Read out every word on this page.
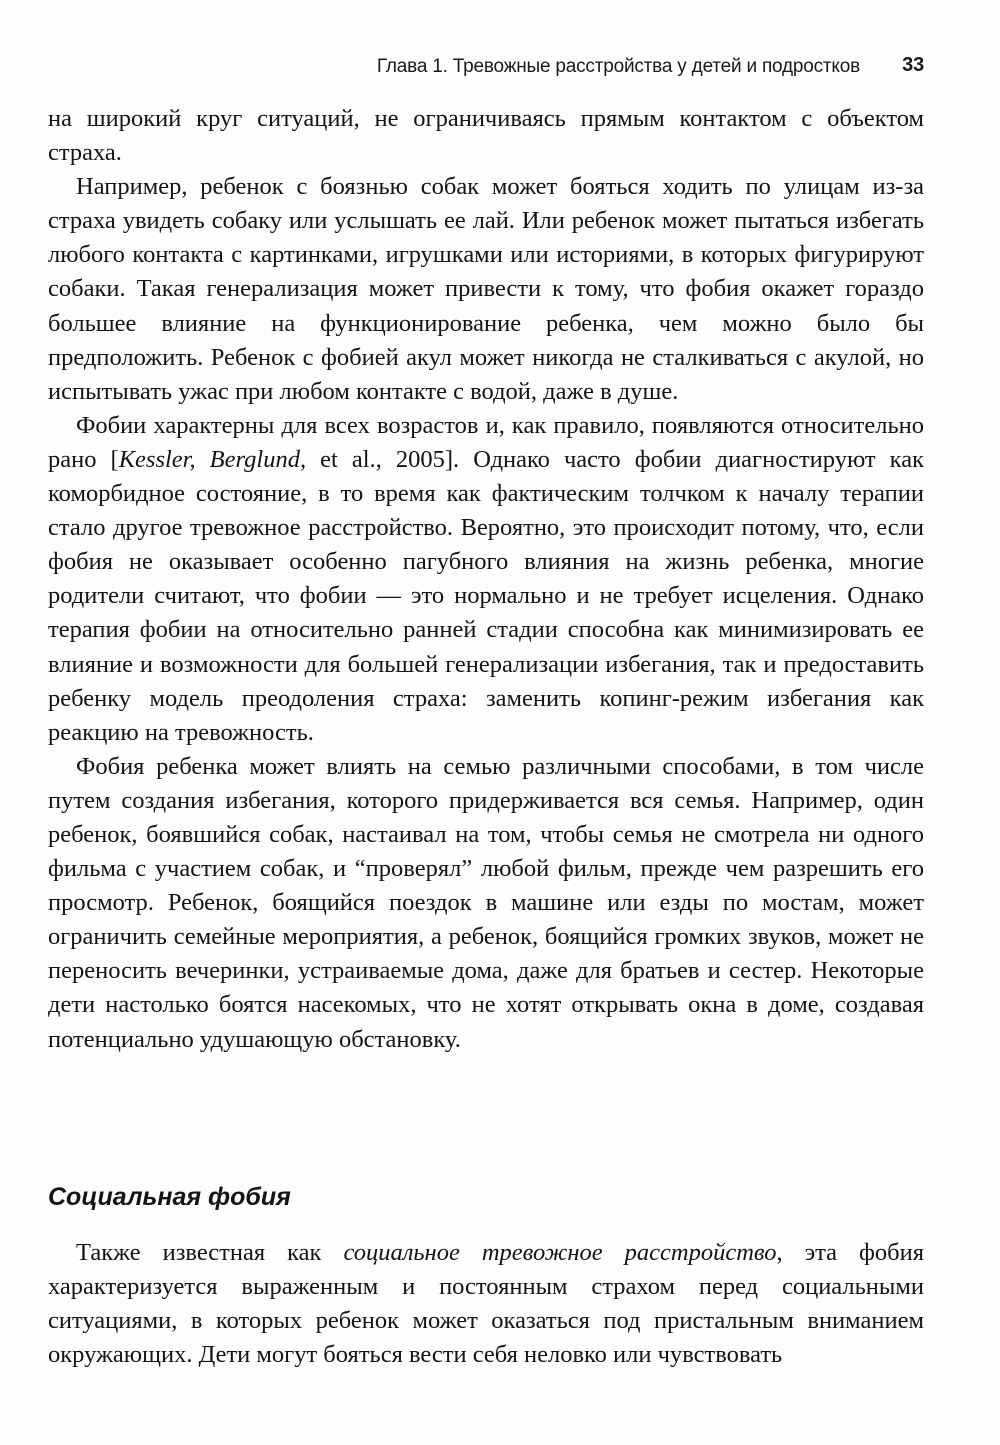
Глава 1. Тревожные расстройства у детей и подростков 33

на широкий круг ситуаций, не ограничиваясь прямым контактом с объектом страха.

Например, ребенок с боязнью собак может бояться ходить по улицам из-за страха увидеть собаку или услышать ее лай. Или ребенок может пытаться избегать любого контакта с картинками, игрушками или историями, в которых фигурируют собаки. Такая генерализация может привести к тому, что фобия окажет гораздо большее влияние на функционирование ребенка, чем можно было бы предположить. Ребенок с фобией акул может никогда не сталкиваться с акулой, но испытывать ужас при любом контакте с водой, даже в душе.

Фобии характерны для всех возрастов и, как правило, появляются относительно рано [Kessler, Berglund, et al., 2005]. Однако часто фобии диагностируют как коморбидное состояние, в то время как фактическим толчком к началу терапии стало другое тревожное расстройство. Вероятно, это происходит потому, что, если фобия не оказывает особенно пагубного влияния на жизнь ребенка, многие родители считают, что фобии — это нормально и не требует исцеления. Однако терапия фобии на относительно ранней стадии способна как минимизировать ее влияние и возможности для большей генерализации избегания, так и предоставить ребенку модель преодоления страха: заменить копинг-режим избегания как реакцию на тревожность.

Фобия ребенка может влиять на семью различными способами, в том числе путем создания избегания, которого придерживается вся семья. Например, один ребенок, боявшийся собак, настаивал на том, чтобы семья не смотрела ни одного фильма с участием собак, и “проверял” любой фильм, прежде чем разрешить его просмотр. Ребенок, боящийся поездок в машине или езды по мостам, может ограничить семейные мероприятия, а ребенок, боящийся громких звуков, может не переносить вечеринки, устраиваемые дома, даже для братьев и сестер. Некоторые дети настолько боятся насекомых, что не хотят открывать окна в доме, создавая потенциально удушающую обстановку.

Социальная фобия

Также известная как социальное тревожное расстройство, эта фобия характеризуется выраженным и постоянным страхом перед социальными ситуациями, в которых ребенок может оказаться под пристальным вниманием окружающих. Дети могут бояться вести себя неловко или чувствовать
